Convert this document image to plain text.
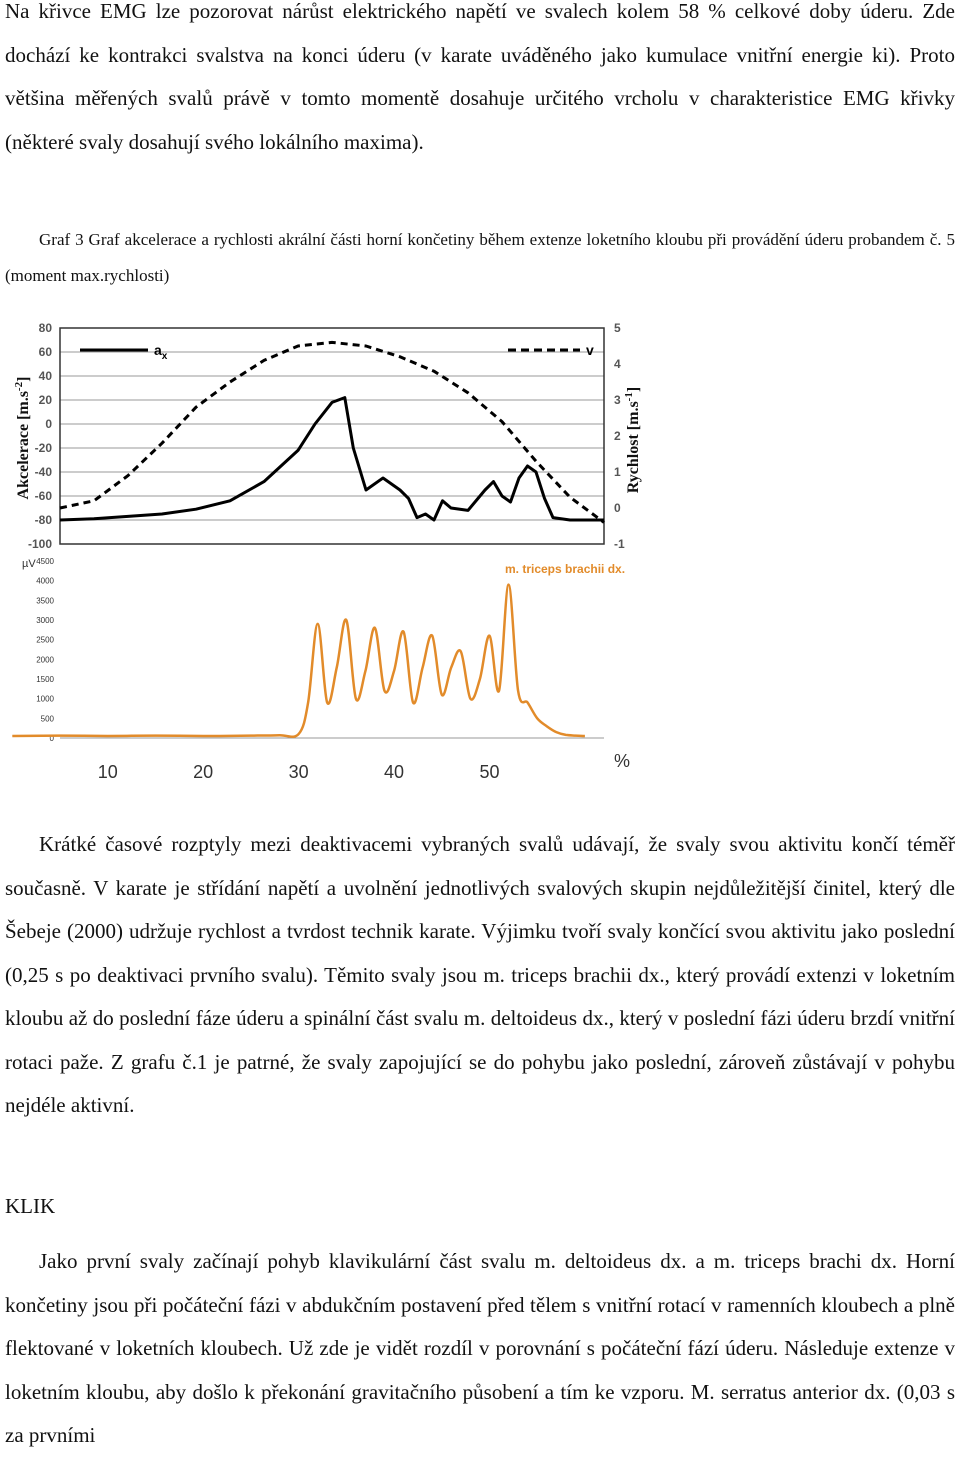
Na křivce EMG lze pozorovat nárůst elektrického napětí ve svalech kolem 58 % celkové doby úderu. Zde dochází ke kontrakci svalstva na konci úderu (v karate uváděného jako kumulace vnitřní energie ki). Proto většina měřených svalů právě v tomto momentě dosahuje určitého vrcholu v charakteristice EMG křivky (některé svaly dosahují svého lokálního maxima).

Graf 3 Graf akcelerace a rychlosti akrální části horní končetiny během extenze loketního kloubu při provádění úderu probandem č. 5 (moment max.rychlosti)

80
60
40
20
0
-20
-40
-60
-80
-100
5
4
3
2
1
0
-1
Akcelerace $[m.s^{-2}]$
Rychlost $[m.s^{-1}]$
$a_x$	v
µV	m. triceps brachii dx.
4500
4000
3500
3000
2500
2000
1500
1000
500
0
10	20	30	40	50
%

Krátké časové rozptyly mezi deaktivacemi vybraných svalů udávají, že svaly svou aktivitu končí téměř současně. V karate je střídání napětí a uvolnění jednotlivých svalových skupin nejdůležitější činitel, který dle Šebeje (2000) udržuje rychlost a tvrdost technik karate. Výjimku tvoří svaly končící svou aktivitu jako poslední (0,25 s po deaktivaci prvního svalu). Těmito svaly jsou m. triceps brachii dx., který provádí extenzi v loketním kloubu až do poslední fáze úderu a spinální část svalu m. deltoideus dx., který v poslední fázi úderu brzdí vnitřní rotaci paže. Z grafu č.1 je patrné, že svaly zapojující se do pohybu jako poslední, zároveň zůstávají v pohybu nejdéle aktivní.

KLIK

Jako první svaly začínají pohyb klavikulární část svalu m. deltoideus dx. a m. triceps brachi dx. Horní končetiny jsou při počáteční fázi v abdukčním postavení před tělem s vnitřní rotací v ramenních kloubech a plně flektované v loketních kloubech. Už zde je vidět rozdíl v porovnání s počáteční fází úderu. Následuje extenze v loketním kloubu, aby došlo k překonání gravitačního působení a tím ke vzporu. M. serratus anterior dx. (0,03 s za prvními
